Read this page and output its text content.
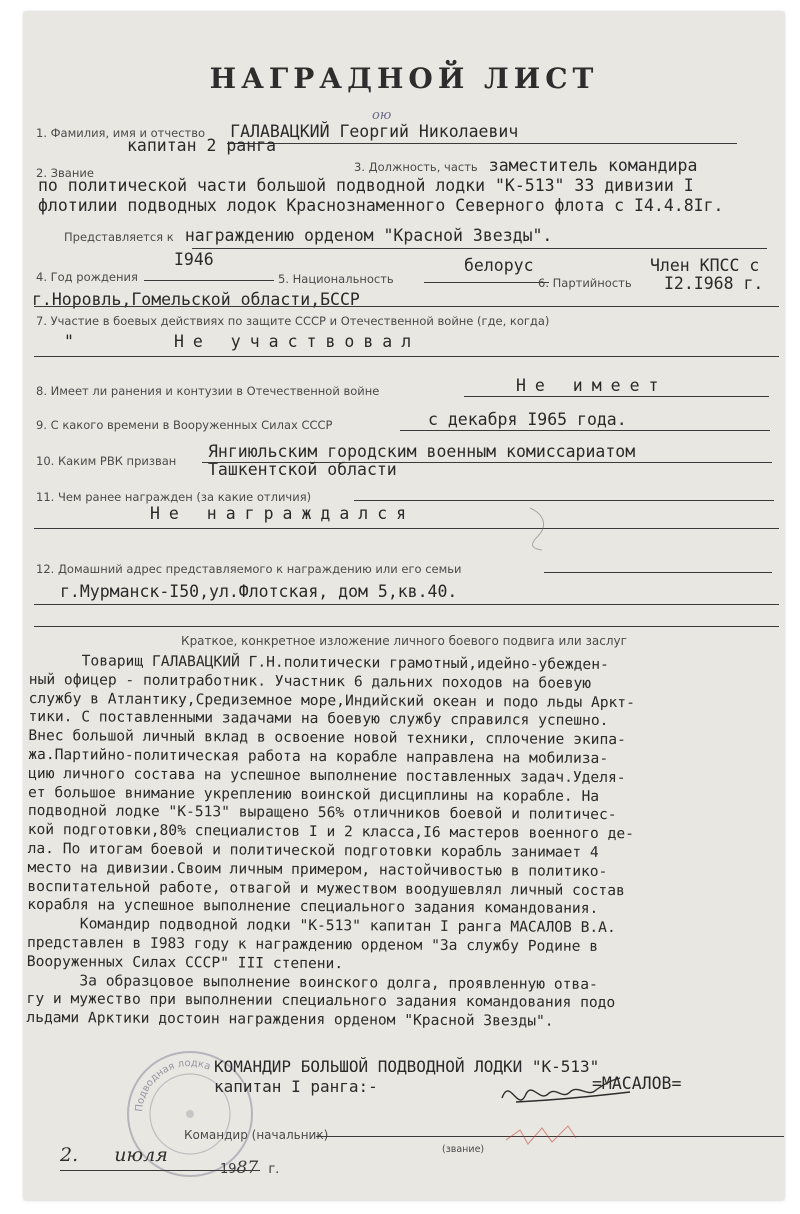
НАГРАДНОЙ ЛИСТ
1. Фамилия, имя и отчество ГАЛАВАЦКИЙ Георгий Николаевич
ою
капитан 2 ранга
2. Звание	3. Должность, часть заместитель командира
по политической части большой подводной лодки "К-513" 33 дивизии I
флотилии подводных лодок Краснознаменного Северного флота с I4.4.8Iг.
Представляется к награждению орденом "Красной Звезды".
4. Год рождения
I946
5. Национальность
белорус
6. Партийность
Член КПСС с
I2.I968 г.
г.Норовль,Гомельской области,БССР
7. Участие в боевых действиях по защите СССР и Отечественной войне (где, когда)
"	Не участвовал
8. Имеет ли ранения и контузии в Отечественной войне	Не имеет
9. С какого времени в Вооруженных Силах СССР	с декабря I965 года.
10. Каким РВК призван	Янгиюльским городским военным комиссариатом
Ташкентской области
11. Чем ранее награжден (за какие отличия)
Не награждался
12. Домашний адрес представляемого к награждению или его семьи
г.Мурманск-I50,ул.Флотская, дом 5,кв.40.
Краткое, конкретное изложение личного боевого подвига или заслуг
Товарищ ГАЛАВАЦКИЙ Г.Н.политически грамотный,идейно-убежден-
ный офицер - политработник. Участник 6 дальних походов на боевую
службу в Атлантику,Средиземное море,Индийский океан и подо льды Аркт-
тики. С поставленными задачами на боевую службу справился успешно.
Внес большой личный вклад в освоение новой техники, сплочение экипа-
жа.Партийно-политическая работа на корабле направлена на мобилиза-
цию личного состава на успешное выполнение поставленных задач.Уделя-
ет большое внимание укреплению воинской дисциплины на корабле. На
подводной лодке "К-513" выращено 56% отличников боевой и политичес-
кой подготовки,80% специалистов I и 2 класса,I6 мастеров военного де-
ла. По итогам боевой и политической подготовки корабль занимает 4
место на дивизии.Своим личным примером, настойчивостью в политико-
воспитательной работе, отвагой и мужеством воодушевлял личный состав
корабля на успешное выполнение специального задания командования.
Командир подводной лодки "К-513" капитан I ранга МАСАЛОВ В.А.
представлен в I983 году к награждению орденом "За службу Родине в
Вооруженных Силах СССР" III степени.
За образцовое выполнение воинского долга, проявленную отва-
гу и мужество при выполнении специального задания командования подо
льдами Арктики достоин награждения орденом "Красной Звезды".
Подводная лодка КОМАНДИР БОЛЬШОЙ ПОДВОДНОЙ ЛОДКИ "К-513"
капитан I ранга:-	=МАСАЛОВ=
Командир (начальник)
(звание)
2. июля
1987 г.
